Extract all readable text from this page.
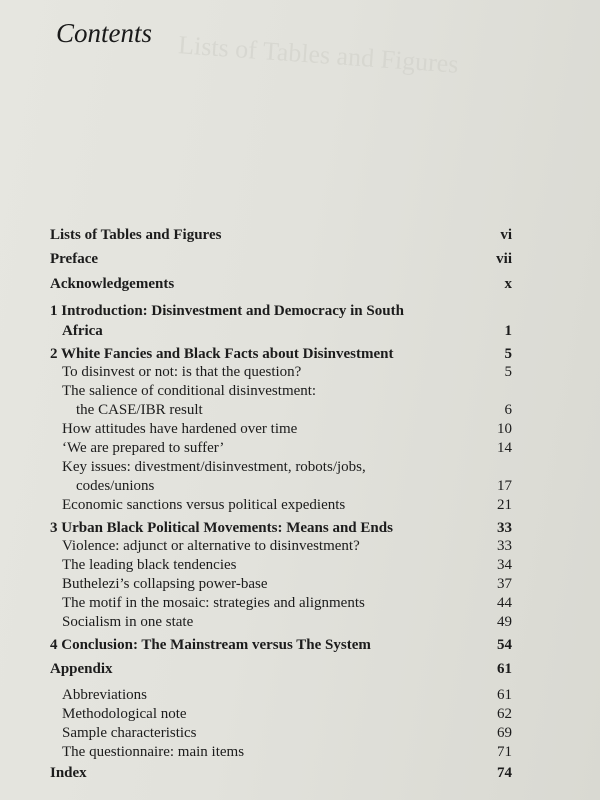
Lists of Tables and Figures
Contents
Lists of Tables and Figures	vi
Preface	vii
Acknowledgements	x
1 Introduction: Disinvestment and Democracy in South
Africa	1
2 White Fancies and Black Facts about Disinvestment	5
To disinvest or not: is that the question?	5
The salience of conditional disinvestment:
the CASE/IBR result	6
How attitudes have hardened over time	10
‘We are prepared to suffer’	14
Key issues: divestment/disinvestment, robots/jobs,
codes/unions	17
Economic sanctions versus political expedients	21
3 Urban Black Political Movements: Means and Ends	33
Violence: adjunct or alternative to disinvestment?	33
The leading black tendencies	34
Buthelezi’s collapsing power-base	37
The motif in the mosaic: strategies and alignments	44
Socialism in one state	49
4 Conclusion: The Mainstream versus The System	54
Appendix	61
Abbreviations	61
Methodological note	62
Sample characteristics	69
The questionnaire: main items	71
Index	74
